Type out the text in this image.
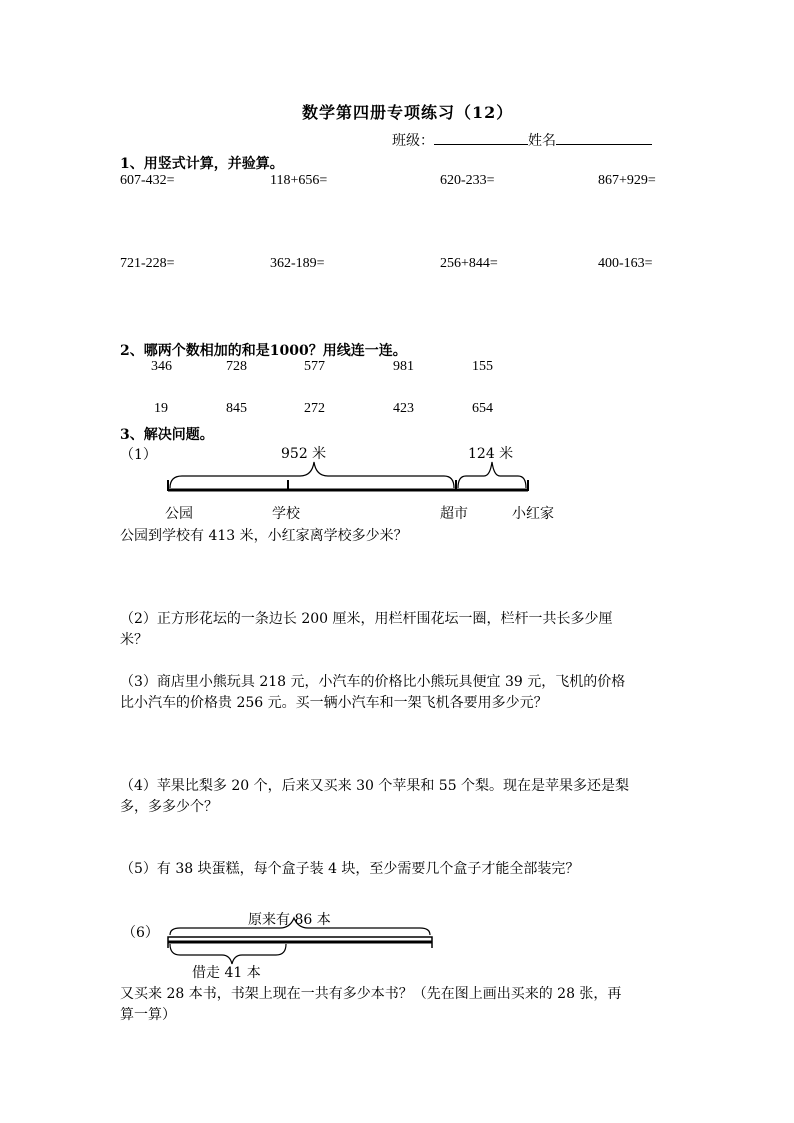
数学第四册专项练习（12）
班级：	姓名
1、用竖式计算，并验算。
607-432=	118+656=	620-233=	867+929=
721-228=	362-189=	256+844=	400-163=
2、哪两个数相加的和是1000？用线连一连。
346	728	577	981	155
19	845	272	423	654
3、解决问题。
（1）	952 米	124 米
公园	学校	超市	小红家
公园到学校有 413 米，小红家离学校多少米？
（2）正方形花坛的一条边长 200 厘米，用栏杆围花坛一圈，栏杆一共长多少厘
米？
（3）商店里小熊玩具 218 元，小汽车的价格比小熊玩具便宜 39 元，飞机的价格
比小汽车的价格贵 256 元。买一辆小汽车和一架飞机各要用多少元？
（4）苹果比梨多 20 个，后来又买来 30 个苹果和 55 个梨。现在是苹果多还是梨
多，多多少个？
（5）有 38 块蛋糕，每个盒子装 4 块，至少需要几个盒子才能全部装完？
原来有 86 本
（6）
借走 41 本
又买来 28 本书，书架上现在一共有多少本书？（先在图上画出买来的 28 张，再
算一算）
